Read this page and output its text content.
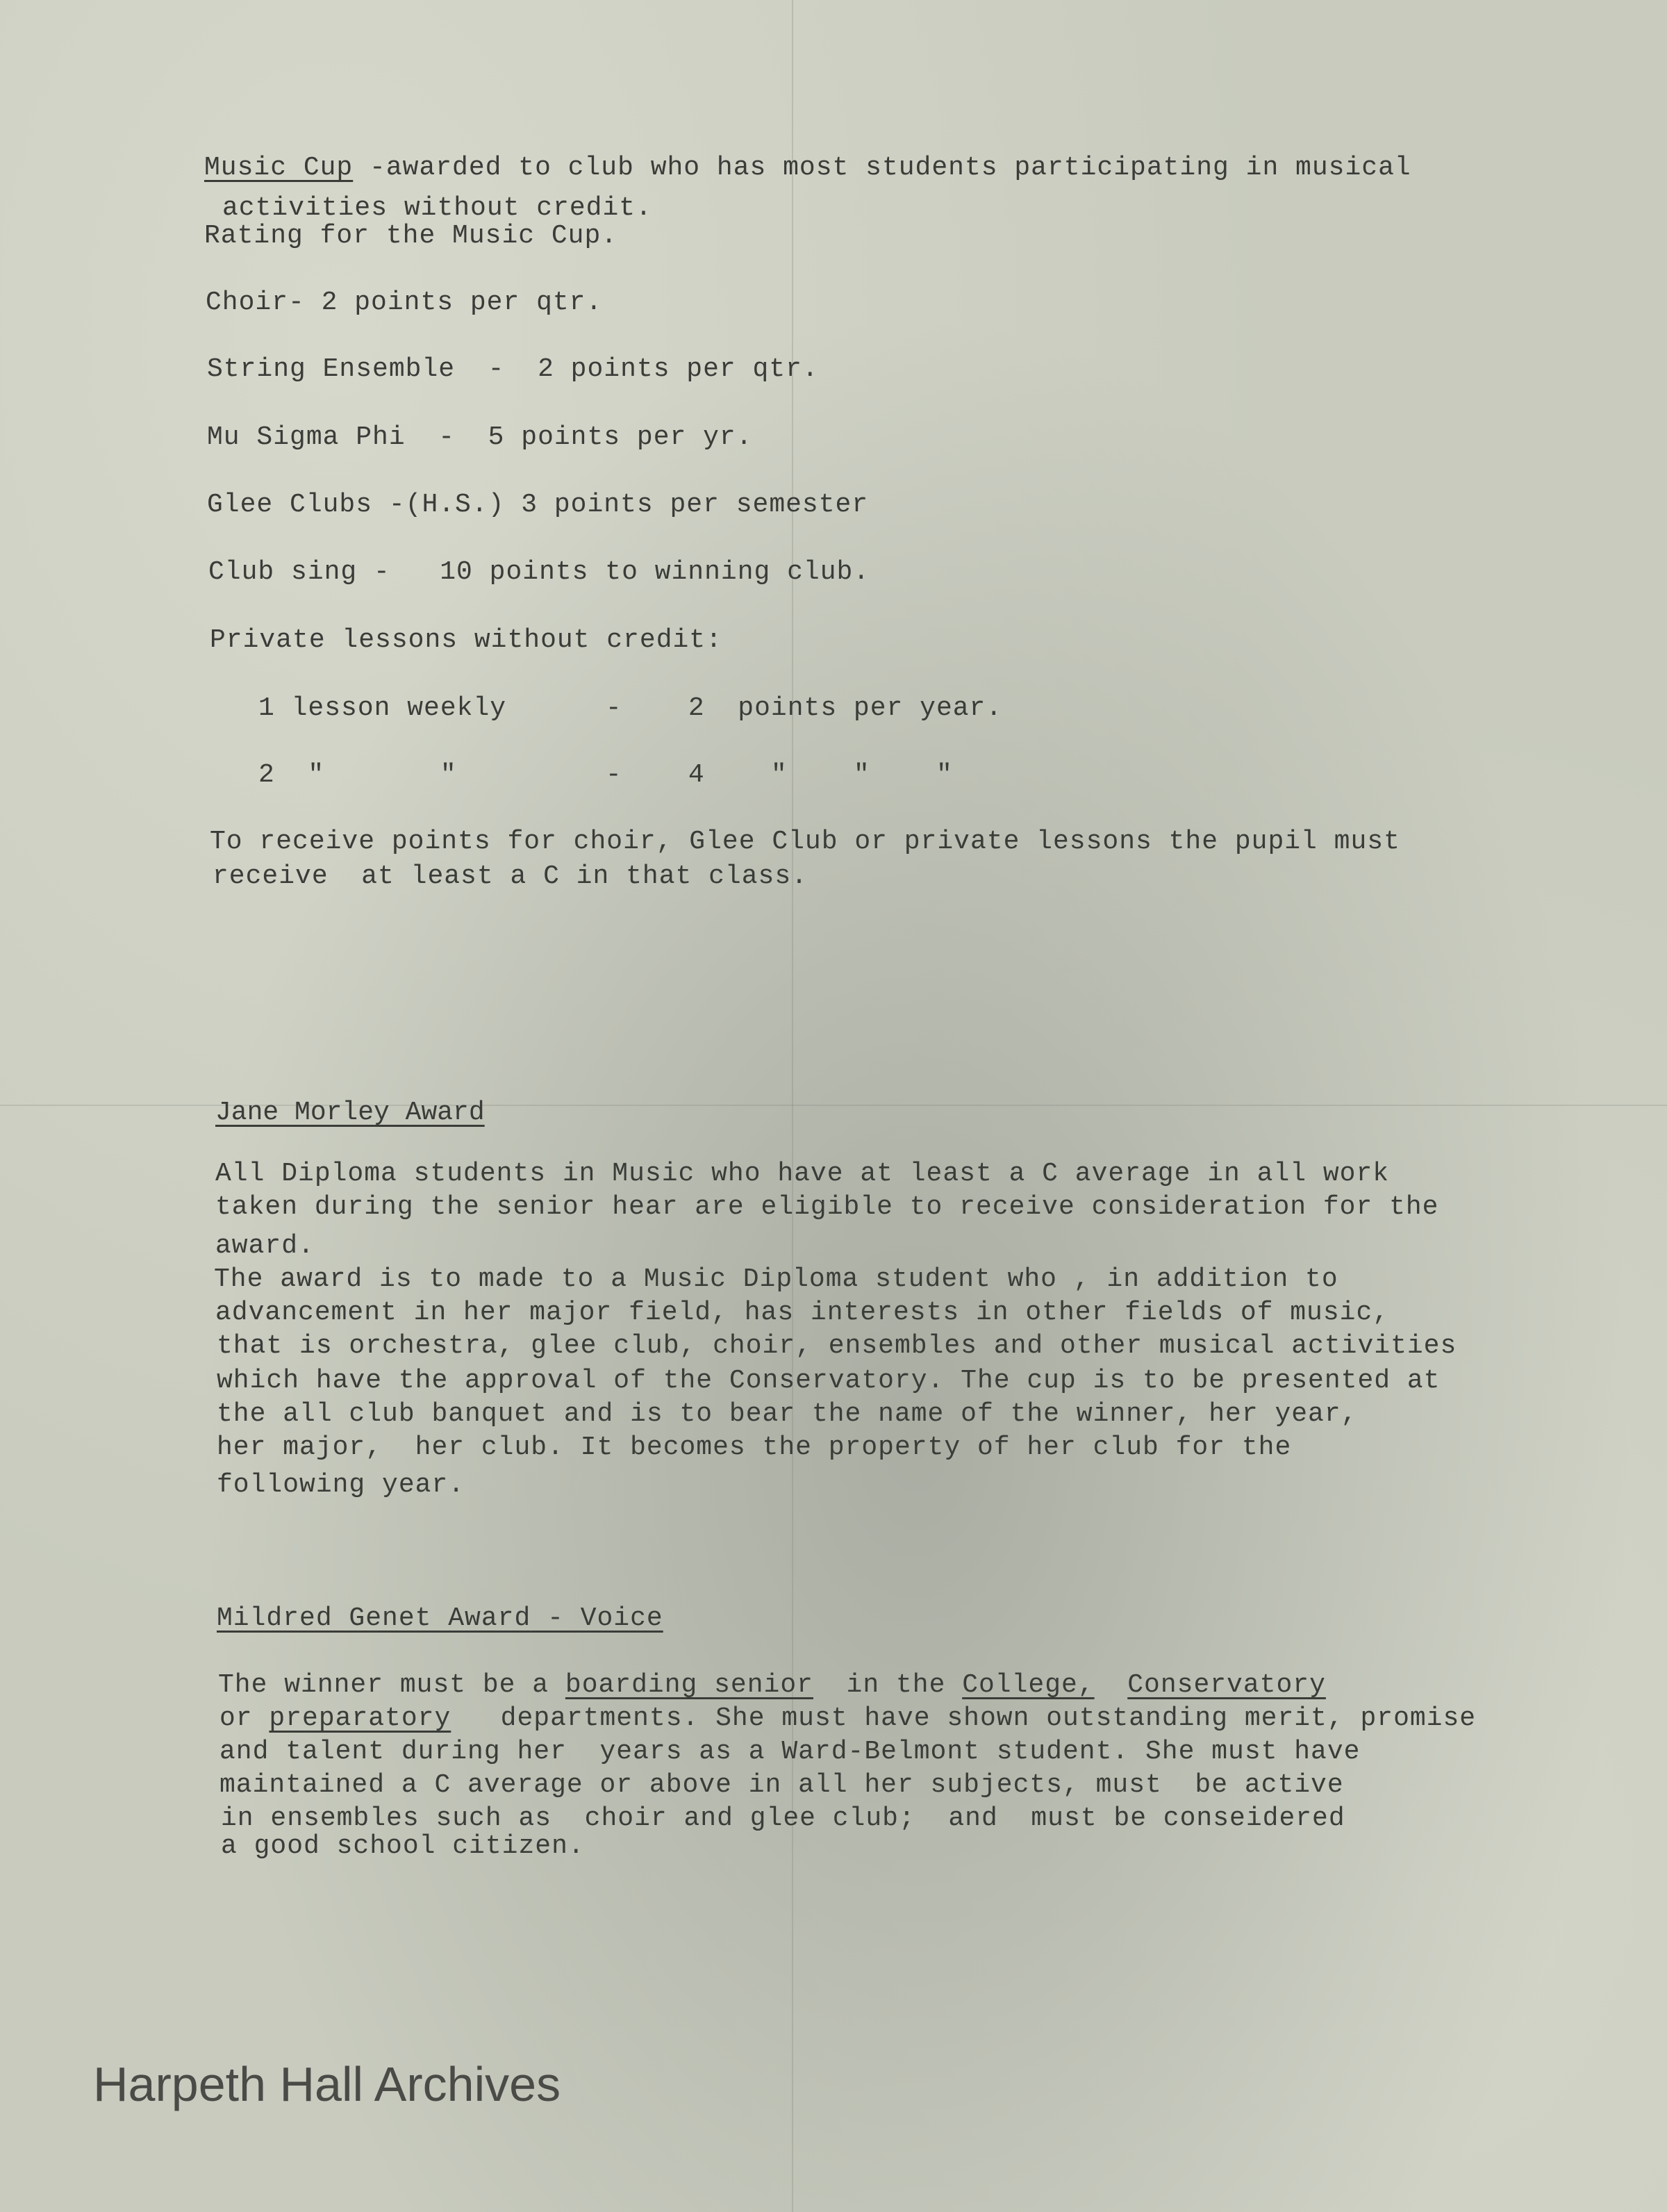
Music Cup -awarded to club who has most students participating in musical
activities without credit.
Rating for the Music Cup.
Choir- 2 points per qtr.
String Ensemble  -  2 points per qtr.
Mu Sigma Phi  -  5 points per yr.
Glee Clubs -(H.S.) 3 points per semester
Club sing -   10 points to winning club.
Private lessons without credit:
1 lesson weekly      -    2  points per year.
2  "       "         -    4    "    "    "
To receive points for choir, Glee Club or private lessons the pupil must
receive  at least a C in that class.
Jane Morley Award
All Diploma students in Music who have at least a C average in all work
taken during the senior hear are eligible to receive consideration for the
award.
The award is to made to a Music Diploma student who , in addition to
advancement in her major field, has interests in other fields of music,
that is orchestra, glee club, choir, ensembles and other musical activities
which have the approval of the Conservatory. The cup is to be presented at
the all club banquet and is to bear the name of the winner, her year,
her major,  her club. It becomes the property of her club for the
following year.
Mildred Genet Award - Voice
The winner must be a boarding senior  in the College, Conservatory
or preparatory   departments. She must have shown outstanding merit, promise
and talent during her  years as a Ward-Belmont student. She must have
maintained a C average or above in all her subjects, must  be active
in ensembles such as  choir and glee club;  and  must be conseidered
a good school citizen.
Harpeth Hall Archives
